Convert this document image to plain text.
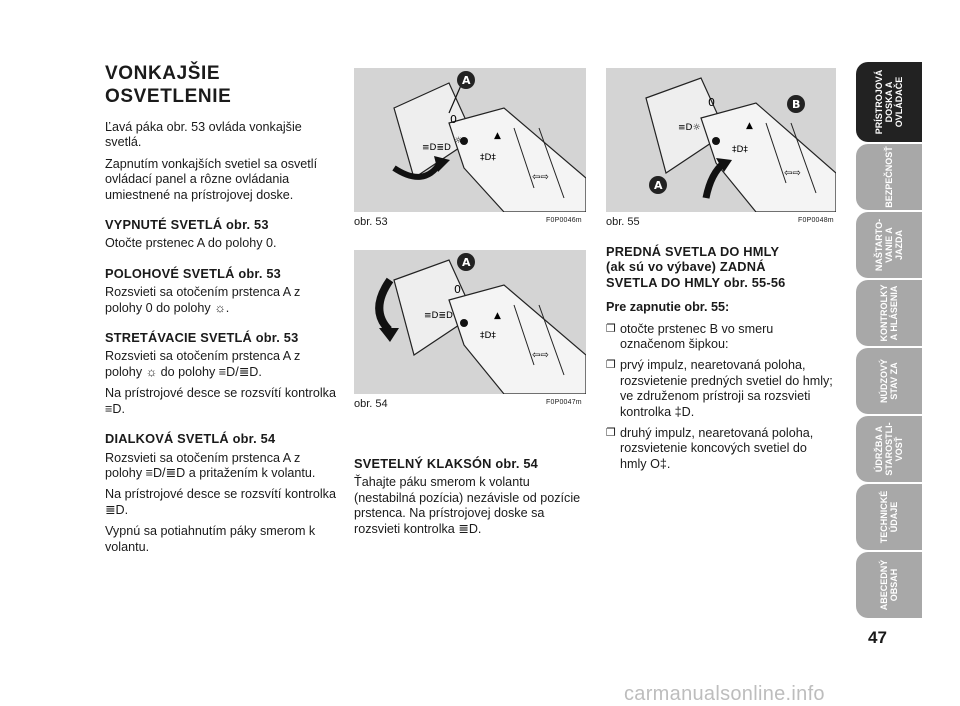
VONKAJŠIE
OSVETLENIE

Ľavá páka obr. 53 ovláda vonkajšie svetlá.

Zapnutím vonkajších svetiel sa osvetlí ovládací panel a rôzne ovládania umiestnené na prístrojovej doske.

VYPNUTÉ SVETLÁ obr. 53

Otočte prstenec A do polohy 0.

POLOHOVÉ SVETLÁ obr. 53

Rozsvieti sa otočením prstenca A z polohy 0 do polohy ☼.

STRETÁVACIE SVETLÁ obr. 53

Rozsvieti sa otočením prstenca A z polohy ☼ do polohy ≡D/≣D.

Na prístrojové desce se rozsvítí kontrolka ≡D.

DIALKOVÁ SVETLÁ obr. 54

Rozsvieti sa otočením prstenca A z polohy ≡D/≣D a pritažením k volantu.

Na prístrojové desce se rozsvítí kontrolka ≣D.

Vypnú sa potiahnutím páky smerom k volantu.

0
☼
≡D≣D
▲
‡D‡
⇦⇨
A
obr. 53	F0P0046m
0
≡D≣D	▲
‡D‡
⇦⇨
A
obr. 54	F0P0047m
0
≡D☼	▲
‡D‡
⇦⇨
B
A
obr. 55	F0P0048m
SVETELNÝ KLAKSÓN obr. 54

Ťahajte páku smerom k volantu (nestabilná pozícia) nezávisle od pozície prstenca. Na prístrojovej doske sa rozsvieti kontrolka ≣D.

PREDNÁ SVETLA DO HMLY
(ak sú vo výbave) ZADNÁ
SVETLA DO HMLY obr. 55-56
Pre zapnutie obr. 55:
❐ otočte prstenec B vo smeru označenom šipkou:
❐ prvý impulz, nearetovaná poloha, rozsvietenie predných svetiel do hmly; ve združenom prístroji sa rozsvieti kontrolka ‡D.
❐ druhý impulz, nearetovaná poloha, rozsvietenie koncových svetiel do hmly O‡.
PRÍSTROJOVÁ
DOSKA A
OVLÁDAČE
BEZPEČNOSŤ
NAŠTARTO-
VANIE A
JAZDA
KONTROLKY
A HLÁSENIA
NÚDZOVÝ
STAV ZA
ÚDRŽBA A
STAROSTLI-
VOSŤ
TECHNICKÉ
ÚDAJE
ABECEDNÝ
OBSAH
47
carmanualsonline.info
